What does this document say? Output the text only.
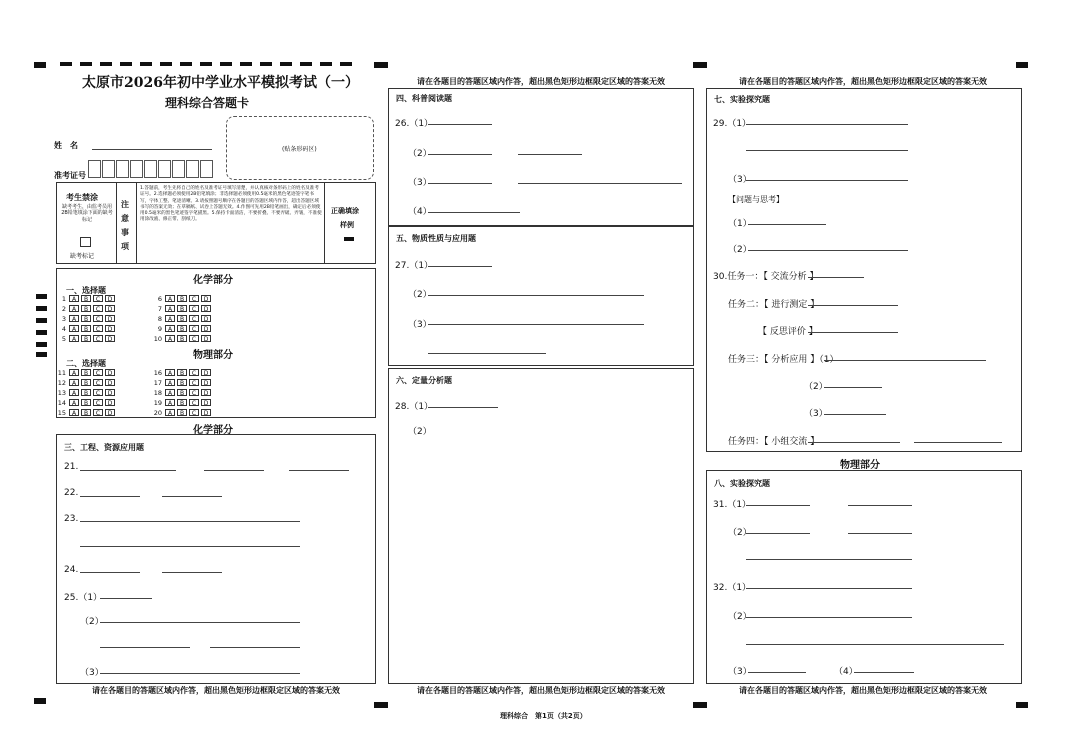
太原市2026年初中学业水平模拟考试（一）
理科综合答题卡
姓　名	(贴条形码区)
准考证号
考生禁涂
缺考考生，由监考员用2B铅笔填涂下面的缺考标记
缺考标记
注意事项
1.答题前，考生先将自己的姓名及准考证号填写清楚，并认真核对条形码上的姓名及准考证号。2.选择题必须使用2B铅笔填涂；非选择题必须使用0.5毫米的黑色笔迹签字笔书写，字体工整、笔迹清晰。3.请按照题号顺序在各题目的答题区域内作答，超出答题区域书写的答案无效；在草稿纸、试卷上答题无效。4.作图可先用2B铅笔画出，确定后必须使用0.5毫米的黑色笔迹签字笔描黑。5.保持卡面清洁，不要折叠、不要弄破、弄皱，不准使用涂改液、修正带、刮纸刀。
正确填涂
样例
化学部分
一、选择题
1 A B C D
2 A B C D
3 A B C D
4 A B C D
5 A B C D
6 A B C D
7 A B C D
8 A B C D
9 A B C D
10 A B C D
物理部分
二、选择题
11 A B C D
12 A B C D
13 A B C D
14 A B C D
15 A B C D
16 A B C D
17 A B C D
18 A B C D
19 A B C D
20 A B C D
化学部分
三、工程、资源应用题
21.
22.
23.
24.
25.（1）
（2）
（3）
请在各题目的答题区域内作答，超出黑色矩形边框限定区域的答案无效
请在各题目的答题区域内作答，超出黑色矩形边框限定区域的答案无效
四、科普阅读题
26.（1）
（2）
（3）
（4）
五、物质性质与应用题
27.（1）
（2）
（3）
六、定量分析题
28.（1）
（2）
请在各题目的答题区域内作答，超出黑色矩形边框限定区域的答案无效
请在各题目的答题区域内作答，超出黑色矩形边框限定区域的答案无效
七、实验探究题
29.（1）
（3）
【问题与思考】
（1）
（2）
30.任务一：【 交流分析 】
任务二：【 进行测定 】
【 反思评价 】
任务三：【 分析应用 】（1）
（2）
（3）
任务四：【 小组交流 】
物理部分
八、实验探究题
31.（1）
（2）
32.（1）
（2）
（3）	（4）
请在各题目的答题区域内作答，超出黑色矩形边框限定区域的答案无效
理科综合　第1页（共2页）
